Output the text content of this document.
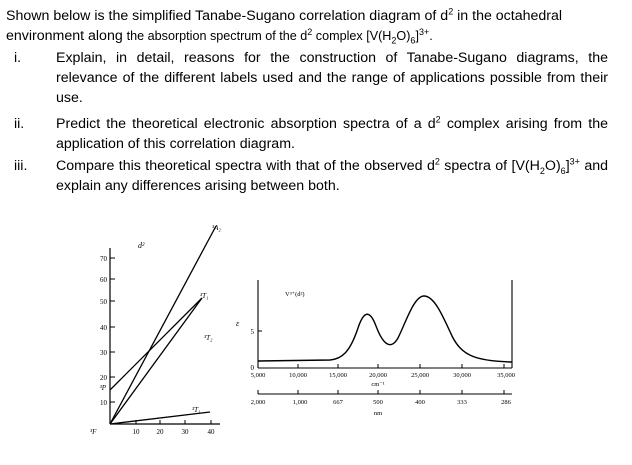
Shown below is the simplified Tanabe-Sugano correlation diagram of $d^2$ in the octahedral environment along the absorption spectrum of the $d^2$ complex $[V(H_2O)_6]^{3+}$.
i.	Explain, in detail, reasons for the construction of Tanabe-Sugano diagrams, the relevance of the different labels used and the range of applications possible from their use.
ii.	Predict the theoretical electronic absorption spectra of a $d^2$ complex arising from the application of this correlation diagram.
iii.	Compare this theoretical spectra with that of the observed $d^2$ spectra of $[V(H_2O)_6]^{3+}$ and explain any differences arising between both.
70
60
50
40
30
20
10
³P
10 20	30	40
³F
d²
³A₂
³T₁
³T₂
³T₁
ε
5
0
V³⁺(d²)
5,000	10,000	15,000	20,000	25,000	30,000	35,000
cm⁻¹
2,000	1,000	667	500	400	333	286
nm
